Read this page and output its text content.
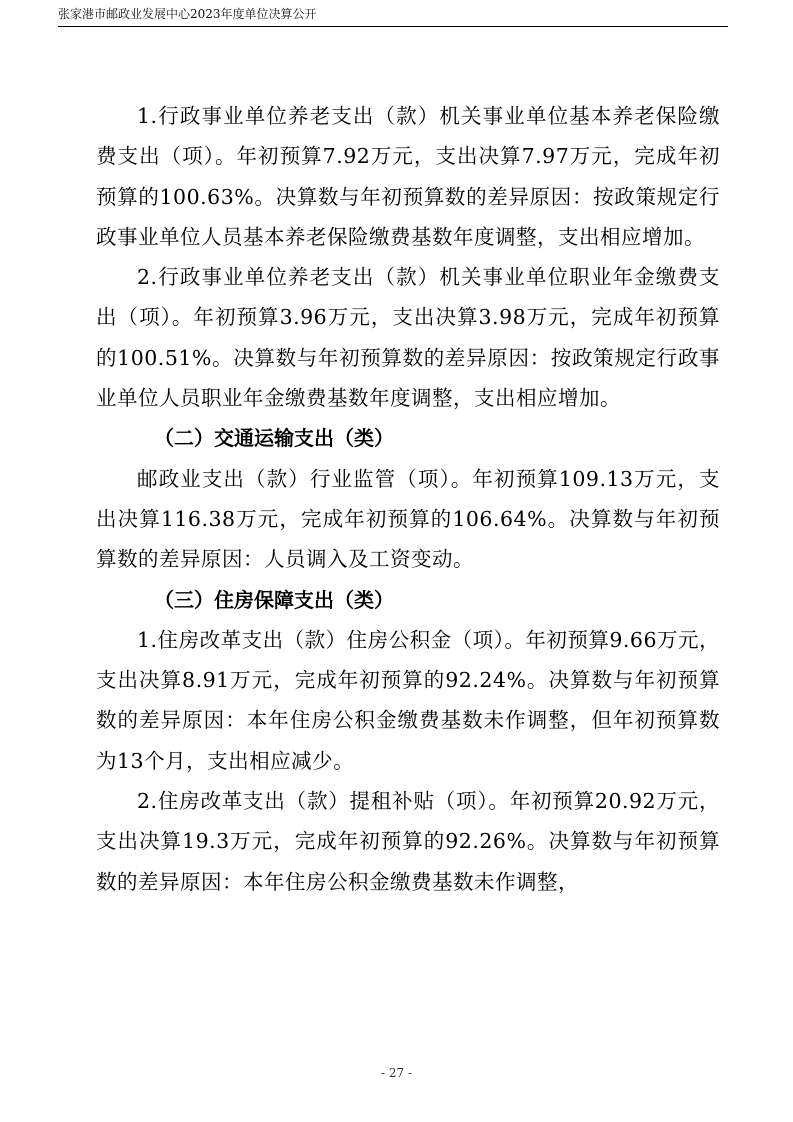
张家港市邮政业发展中心2023年度单位决算公开

1.行政事业单位养老支出（款）机关事业单位基本养老保险缴费支出（项）。年初预算7.92万元，支出决算7.97万元，完成年初预算的100.63%。决算数与年初预算数的差异原因：按政策规定行政事业单位人员基本养老保险缴费基数年度调整，支出相应增加。

2.行政事业单位养老支出（款）机关事业单位职业年金缴费支出（项）。年初预算3.96万元，支出决算3.98万元，完成年初预算的100.51%。决算数与年初预算数的差异原因：按政策规定行政事业单位人员职业年金缴费基数年度调整，支出相应增加。

（二）交通运输支出（类）

邮政业支出（款）行业监管（项）。年初预算109.13万元，支出决算116.38万元，完成年初预算的106.64%。决算数与年初预算数的差异原因：人员调入及工资变动。

（三）住房保障支出（类）

1.住房改革支出（款）住房公积金（项）。年初预算9.66万元，支出决算8.91万元，完成年初预算的92.24%。决算数与年初预算数的差异原因：本年住房公积金缴费基数未作调整，但年初预算数为13个月，支出相应减少。

2.住房改革支出（款）提租补贴（项）。年初预算20.92万元，支出决算19.3万元，完成年初预算的92.26%。决算数与年初预算数的差异原因：本年住房公积金缴费基数未作调整，

- 27 -
